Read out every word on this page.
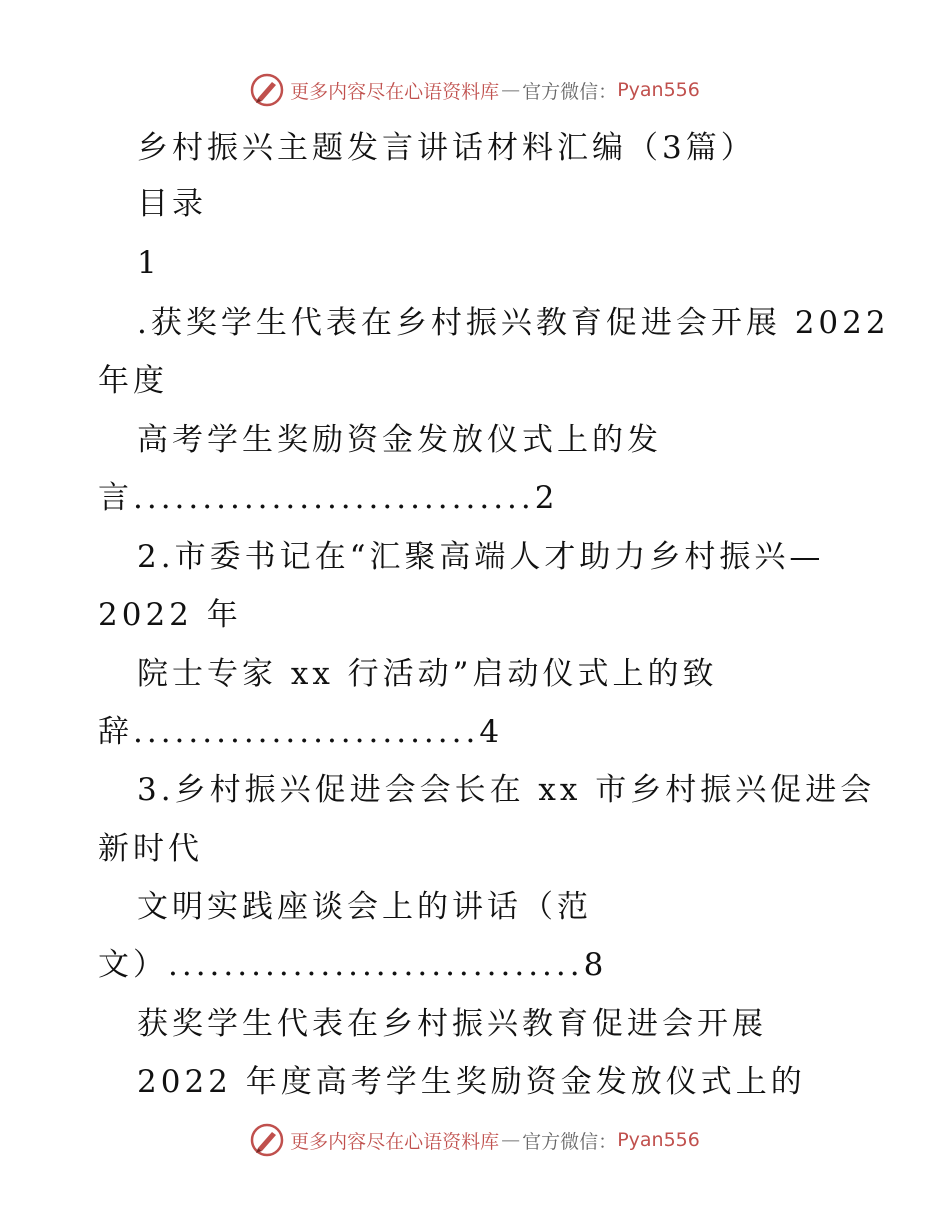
更多内容尽在心语资料库 — 官方微信： Pyan556
乡村振兴主题发言讲话材料汇编（3篇）
目录
1
.获奖学生代表在乡村振兴教育促进会开展 2022
年度
高考学生奖励资金发放仪式上的发
言.............................2
2.市委书记在“汇聚高端人才助力乡村振兴—
2022 年
院士专家 xx 行活动”启动仪式上的致
辞.........................4
3.乡村振兴促进会会长在 xx 市乡村振兴促进会
新时代
文明实践座谈会上的讲话（范
文）..............................8
获奖学生代表在乡村振兴教育促进会开展
2022 年度高考学生奖励资金发放仪式上的
更多内容尽在心语资料库 — 官方微信： Pyan556
